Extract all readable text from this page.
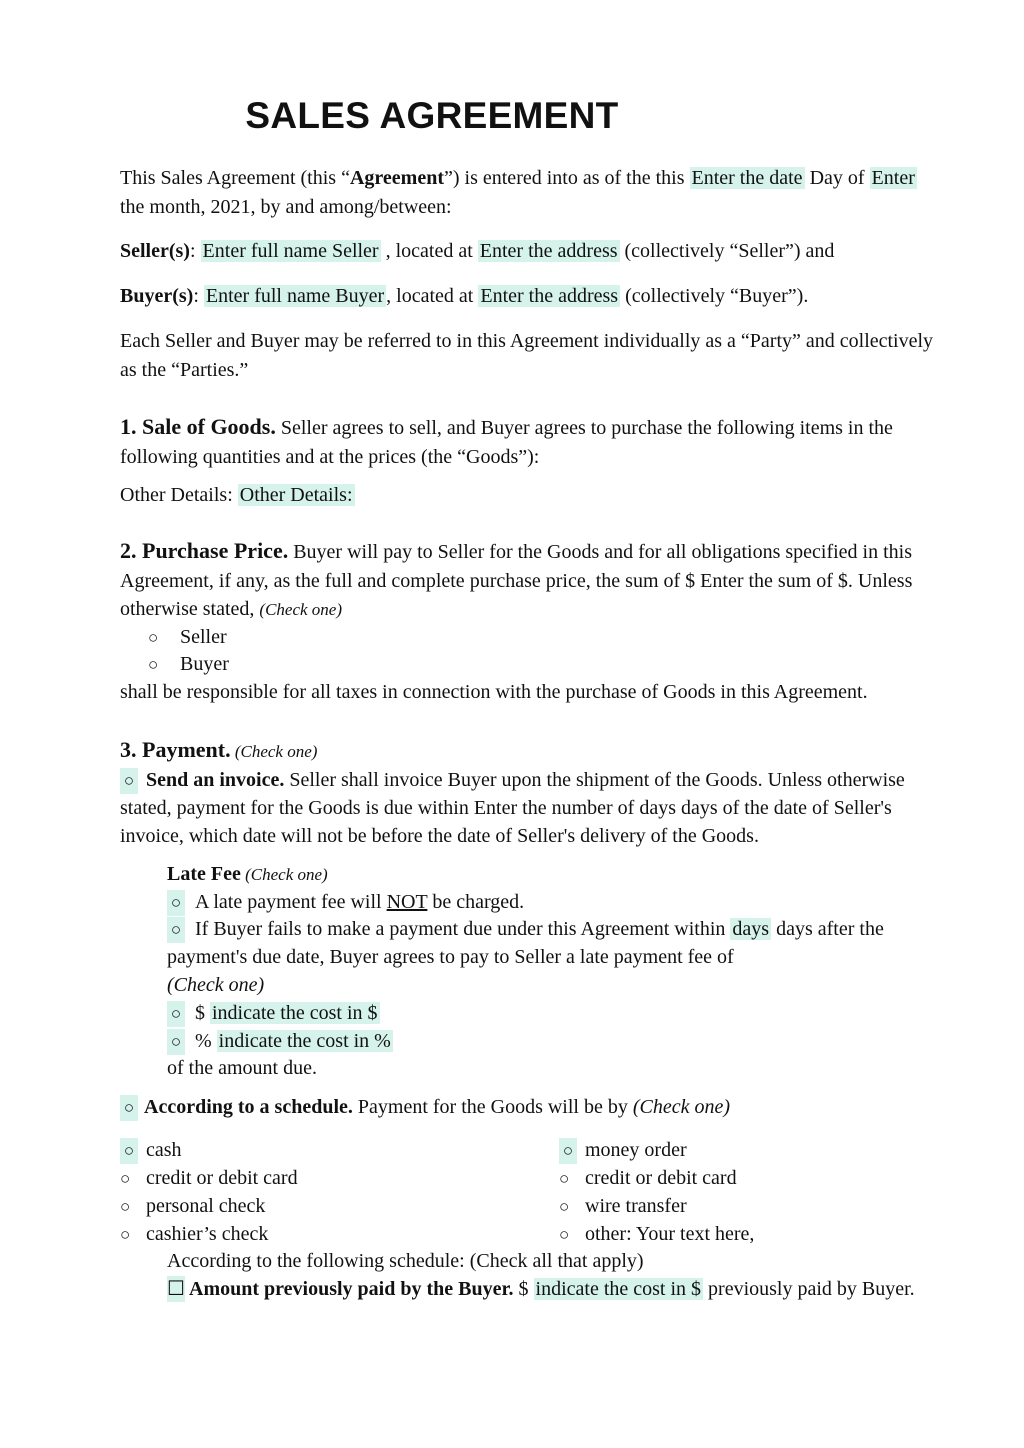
SALES AGREEMENT
This Sales Agreement (this “Agreement”) is entered into as of the this Enter the date Day of Enter
the month, 2021, by and among/between:
Seller(s): Enter full name Seller , located at Enter the address (collectively “Seller”) and
Buyer(s): Enter full name Buyer , located at Enter the address (collectively “Buyer”).
Each Seller and Buyer may be referred to in this Agreement individually as a “Party” and collectively
as the “Parties.”
1. Sale of Goods. Seller agrees to sell, and Buyer agrees to purchase the following items in the
following quantities and at the prices (the “Goods”):
Other Details: Other Details:
2. Purchase Price. Buyer will pay to Seller for the Goods and for all obligations specified in this
Agreement, if any, as the full and complete purchase price, the sum of $ Enter the sum of $. Unless
otherwise stated, (Check one)
○ Seller
○ Buyer
shall be responsible for all taxes in connection with the purchase of Goods in this Agreement.
3. Payment. (Check one)
○ Send an invoice. Seller shall invoice Buyer upon the shipment of the Goods. Unless otherwise
stated, payment for the Goods is due within Enter the number of days days of the date of Seller's
invoice, which date will not be before the date of Seller's delivery of the Goods.
Late Fee (Check one)
○ A late payment fee will NOT be charged.
○ If Buyer fails to make a payment due under this Agreement within days days after the
payment's due date, Buyer agrees to pay to Seller a late payment fee of
(Check one)
○ $ indicate the cost in $
○ % indicate the cost in %
of the amount due.
○ According to a schedule. Payment for the Goods will be by (Check one)
○ cash
○ credit or debit card
○ personal check
○ cashier’s check
○ money order
○ credit or debit card
○ wire transfer
○ other: Your text here,
According to the following schedule: (Check all that apply)
☐ Amount previously paid by the Buyer. $ indicate the cost in $ previously paid by Buyer.
